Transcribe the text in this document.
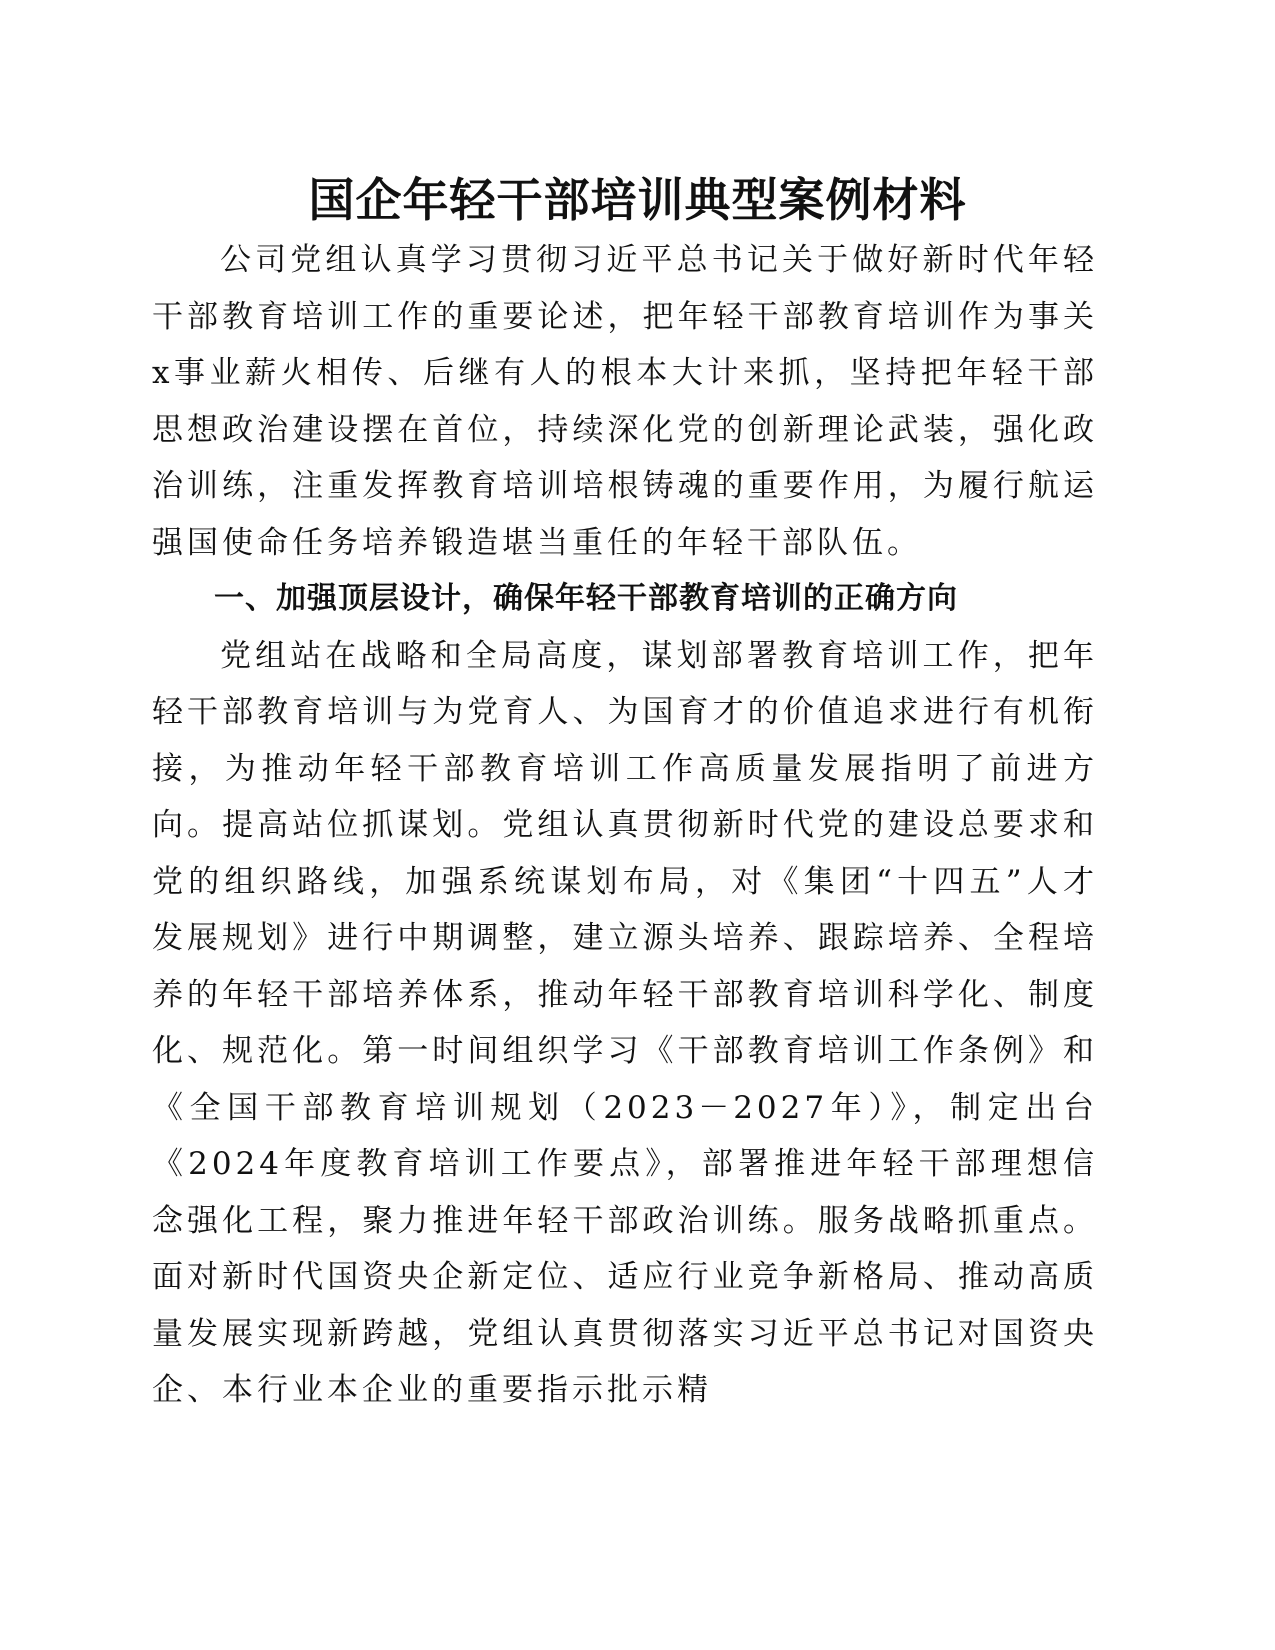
国企年轻干部培训典型案例材料

公司党组认真学习贯彻习近平总书记关于做好新时代年轻干部教育培训工作的重要论述，把年轻干部教育培训作为事关x事业薪火相传、后继有人的根本大计来抓，坚持把年轻干部思想政治建设摆在首位，持续深化党的创新理论武装，强化政治训练，注重发挥教育培训培根铸魂的重要作用，为履行航运强国使命任务培养锻造堪当重任的年轻干部队伍。

一、加强顶层设计，确保年轻干部教育培训的正确方向

党组站在战略和全局高度，谋划部署教育培训工作，把年轻干部教育培训与为党育人、为国育才的价值追求进行有机衔接，为推动年轻干部教育培训工作高质量发展指明了前进方向。提高站位抓谋划。党组认真贯彻新时代党的建设总要求和党的组织路线，加强系统谋划布局，对《集团“十四五”人才发展规划》进行中期调整，建立源头培养、跟踪培养、全程培养的年轻干部培养体系，推动年轻干部教育培训科学化、制度化、规范化。第一时间组织学习《干部教育培训工作条例》和《全国干部教育培训规划（2023－2027年）》，制定出台《2024年度教育培训工作要点》，部署推进年轻干部理想信念强化工程，聚力推进年轻干部政治训练。服务战略抓重点。面对新时代国资央企新定位、适应行业竞争新格局、推动高质量发展实现新跨越，党组认真贯彻落实习近平总书记对国资央企、本行业本企业的重要指示批示精
